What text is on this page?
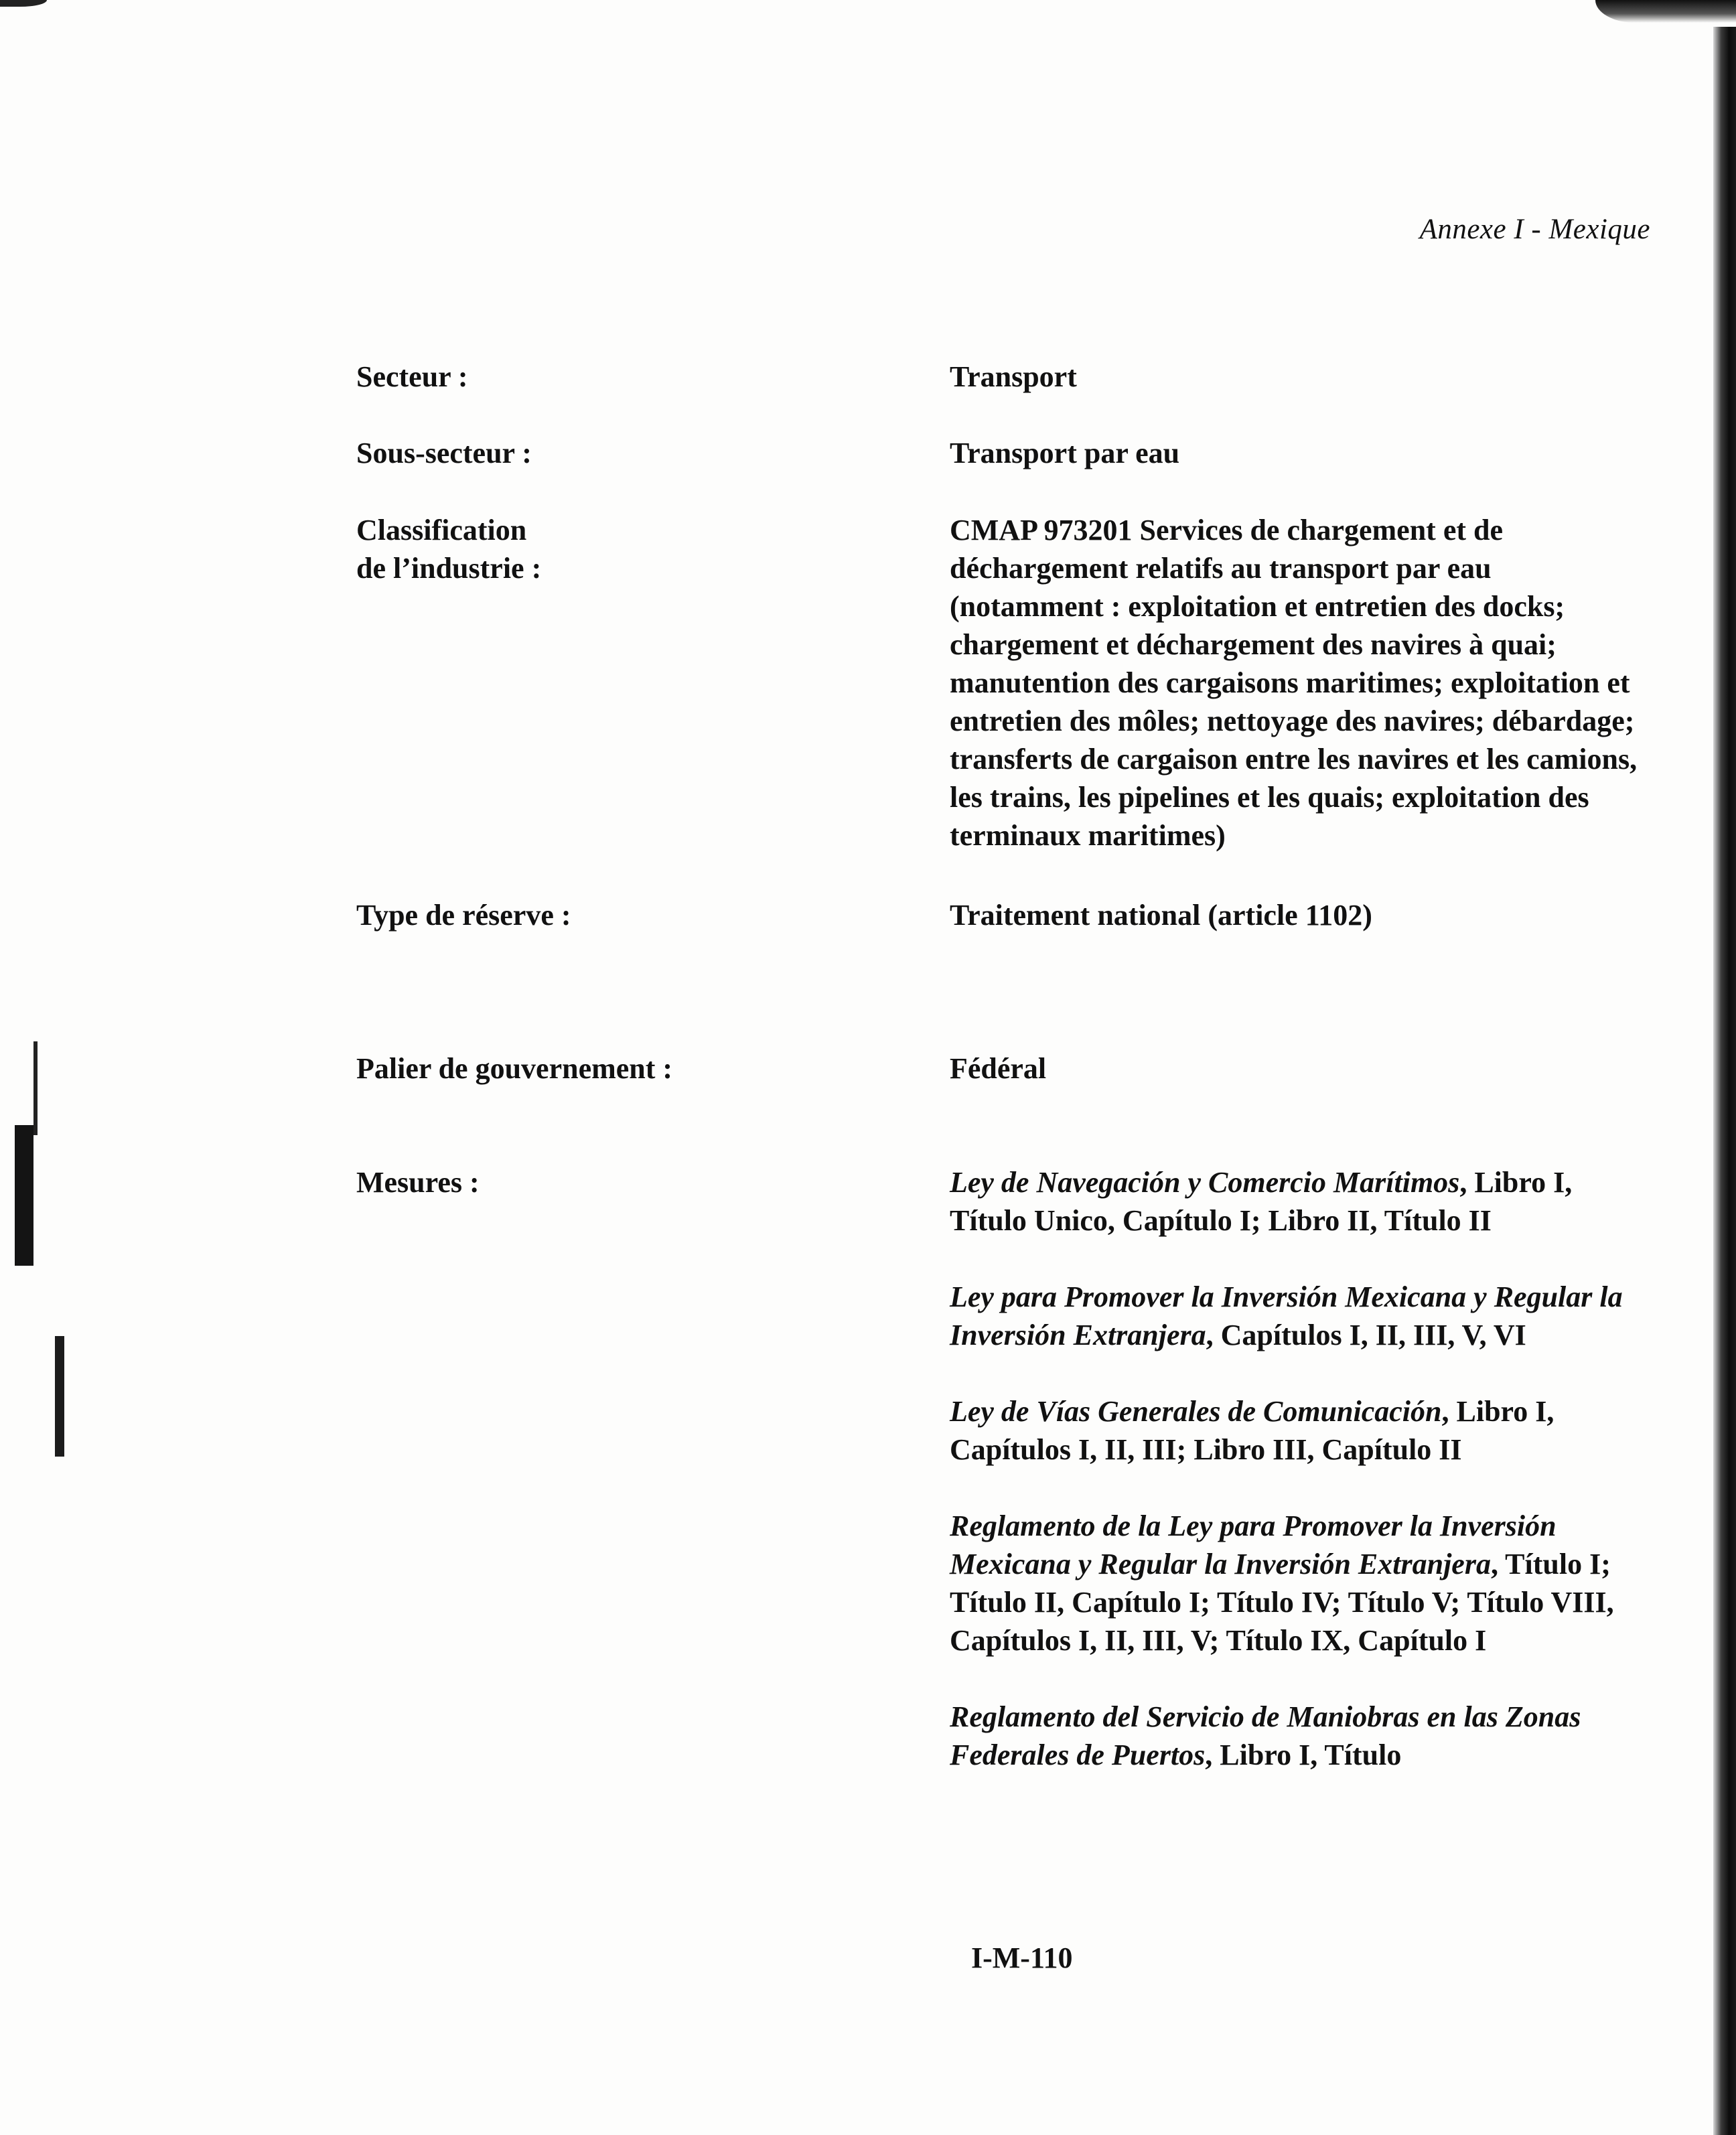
Annexe I - Mexique
Secteur :	Transport
Sous-secteur :	Transport par eau
Classification
de l’industrie :
CMAP 973201 Services de chargement et de déchargement relatifs au transport par eau (notamment : exploitation et entretien des docks; chargement et déchargement des navires à quai; manutention des cargaisons maritimes; exploitation et entretien des môles; nettoyage des navires; débardage; transferts de cargaison entre les navires et les camions, les trains, les pipelines et les quais; exploitation des terminaux maritimes)
Type de réserve :	Traitement national (article 1102)
Palier de gouvernement :	Fédéral
Mesures :	Ley de Navegación y Comercio Marítimos, Libro I, Título Unico, Capítulo I; Libro II, Título II

Ley para Promover la Inversión Mexicana y Regular la Inversión Extranjera, Capítulos I, II, III, V, VI

Ley de Vías Generales de Comunicación, Libro I, Capítulos I, II, III; Libro III, Capítulo II

Reglamento de la Ley para Promover la Inversión Mexicana y Regular la Inversión Extranjera, Título I; Título II, Capítulo I; Título IV; Título V; Título VIII, Capítulos I, II, III, V; Título IX, Capítulo I

Reglamento del Servicio de Maniobras en las Zonas Federales de Puertos, Libro I, Título

I-M-110
